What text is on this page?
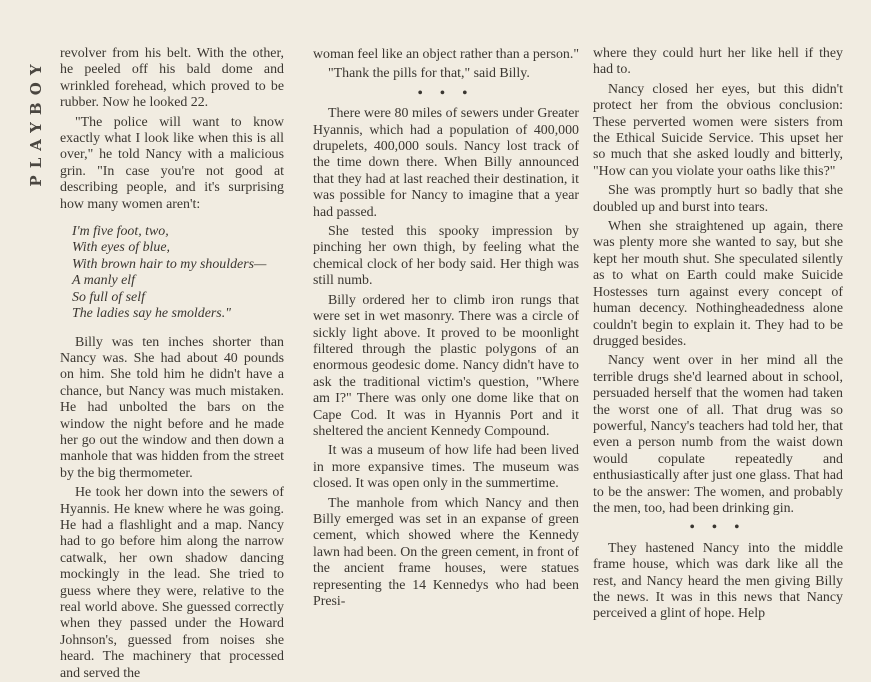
PLAYBOY

revolver from his belt. With the other, he peeled off his bald dome and wrinkled forehead, which proved to be rubber. Now he looked 22.

"The police will want to know exactly what I look like when this is all over," he told Nancy with a malicious grin. "In case you're not good at describing people, and it's surprising how many women aren't:

I'm five foot, two,
With eyes of blue,
With brown hair to my shoulders—
A manly elf
So full of self
The ladies say he smolders."

Billy was ten inches shorter than Nancy was. She had about 40 pounds on him. She told him he didn't have a chance, but Nancy was much mistaken. He had unbolted the bars on the window the night before and he made her go out the window and then down a manhole that was hidden from the street by the big thermometer.

He took her down into the sewers of Hyannis. He knew where he was going. He had a flashlight and a map. Nancy had to go before him along the narrow catwalk, her own shadow dancing mockingly in the lead. She tried to guess where they were, relative to the real world above. She guessed correctly when they passed under the Howard Johnson's, guessed from noises she heard. The machinery that processed and served the

woman feel like an object rather than a person."

"Thank the pills for that," said Billy.

• • •

There were 80 miles of sewers under Greater Hyannis, which had a population of 400,000 drupelets, 400,000 souls. Nancy lost track of the time down there. When Billy announced that they had at last reached their destination, it was possible for Nancy to imagine that a year had passed.

She tested this spooky impression by pinching her own thigh, by feeling what the chemical clock of her body said. Her thigh was still numb.

Billy ordered her to climb iron rungs that were set in wet masonry. There was a circle of sickly light above. It proved to be moonlight filtered through the plastic polygons of an enormous geodesic dome. Nancy didn't have to ask the traditional victim's question, "Where am I?" There was only one dome like that on Cape Cod. It was in Hyannis Port and it sheltered the ancient Kennedy Compound.

It was a museum of how life had been lived in more expansive times. The museum was closed. It was open only in the summertime.

The manhole from which Nancy and then Billy emerged was set in an expanse of green cement, which showed where the Kennedy lawn had been. On the green cement, in front of the ancient frame houses, were statues representing the 14 Kennedys who had been Presi-

where they could hurt her like hell if they had to.

Nancy closed her eyes, but this didn't protect her from the obvious conclusion: These perverted women were sisters from the Ethical Suicide Service. This upset her so much that she asked loudly and bitterly, "How can you violate your oaths like this?"

She was promptly hurt so badly that she doubled up and burst into tears.

When she straightened up again, there was plenty more she wanted to say, but she kept her mouth shut. She speculated silently as to what on Earth could make Suicide Hostesses turn against every concept of human decency. Nothingheadedness alone couldn't begin to explain it. They had to be drugged besides.

Nancy went over in her mind all the terrible drugs she'd learned about in school, persuaded herself that the women had taken the worst one of all. That drug was so powerful, Nancy's teachers had told her, that even a person numb from the waist down would copulate repeatedly and enthusiastically after just one glass. That had to be the answer: The women, and probably the men, too, had been drinking gin.

• • •

They hastened Nancy into the middle frame house, which was dark like all the rest, and Nancy heard the men giving Billy the news. It was in this news that Nancy perceived a glint of hope. Help
